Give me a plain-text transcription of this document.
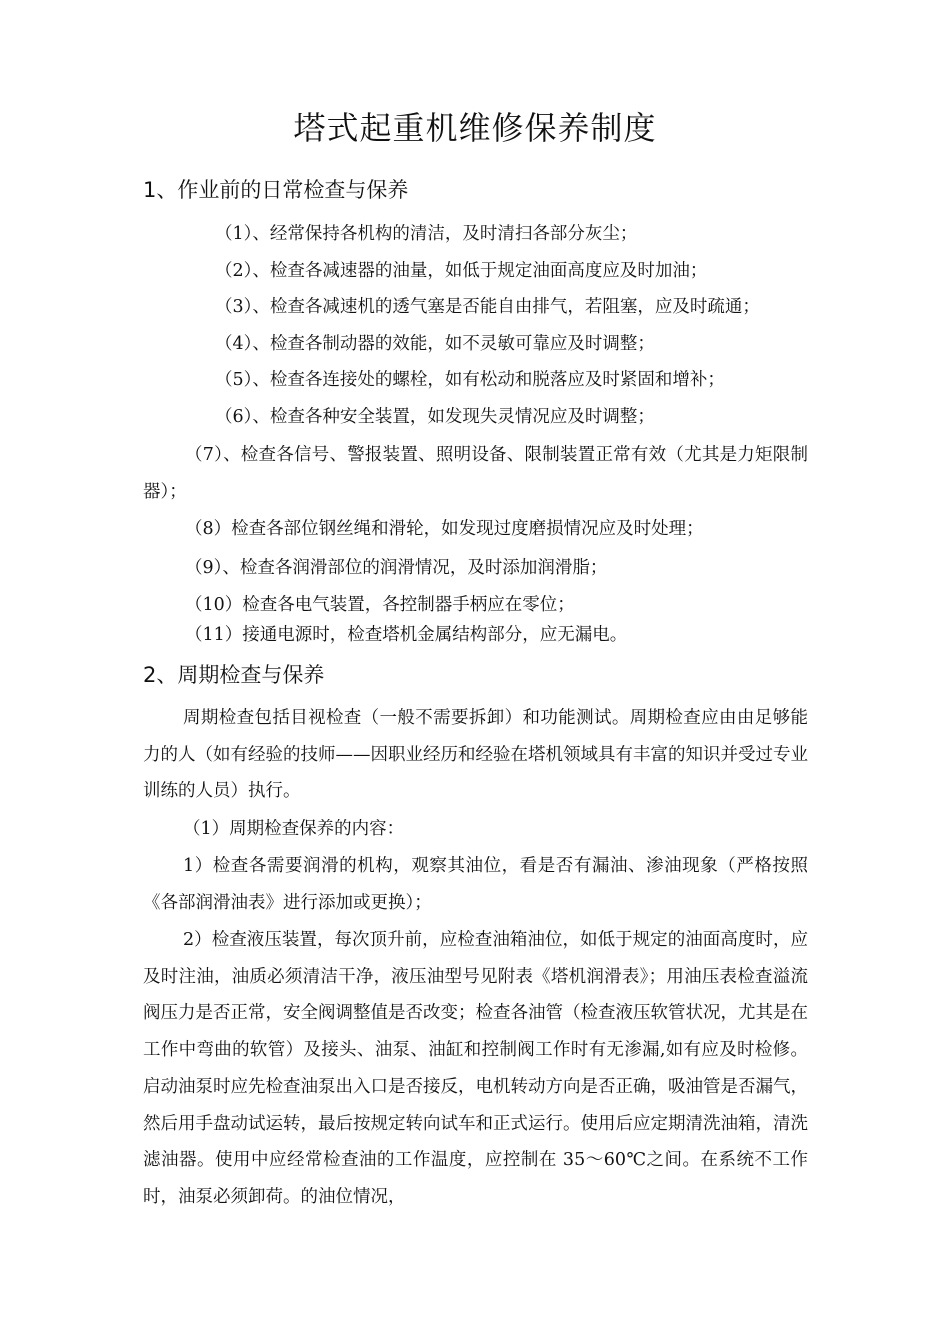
塔式起重机维修保养制度
1、作业前的日常检查与保养
（1）、经常保持各机构的清洁，及时清扫各部分灰尘；
（2）、检查各减速器的油量，如低于规定油面高度应及时加油；
（3）、检查各减速机的透气塞是否能自由排气，若阻塞，应及时疏通；
（4）、检查各制动器的效能，如不灵敏可靠应及时调整；
（5）、检查各连接处的螺栓，如有松动和脱落应及时紧固和增补；
（6）、检查各种安全装置，如发现失灵情况应及时调整；
（7）、检查各信号、警报装置、照明设备、限制装置正常有效（尤其是力矩限制器）；
（8）检查各部位钢丝绳和滑轮，如发现过度磨损情况应及时处理；
（9）、检查各润滑部位的润滑情况，及时添加润滑脂；
（10）检查各电气装置，各控制器手柄应在零位；
（11）接通电源时，检查塔机金属结构部分，应无漏电。
2、周期检查与保养
周期检查包括目视检查（一般不需要拆卸）和功能测试。周期检查应由由足够能力的人（如有经验的技师——因职业经历和经验在塔机领域具有丰富的知识并受过专业训练的人员）执行。
（1）周期检查保养的内容：
1）检查各需要润滑的机构，观察其油位，看是否有漏油、渗油现象（严格按照《各部润滑油表》进行添加或更换）；
2）检查液压装置，每次顶升前，应检查油箱油位，如低于规定的油面高度时，应及时注油，油质必须清洁干净，液压油型号见附表《塔机润滑表》；用油压表检查溢流阀压力是否正常，安全阀调整值是否改变；检查各油管（检查液压软管状况，尤其是在工作中弯曲的软管）及接头、油泵、油缸和控制阀工作时有无渗漏,如有应及时检修。启动油泵时应先检查油泵出入口是否接反，电机转动方向是否正确，吸油管是否漏气，然后用手盘动试运转，最后按规定转向试车和正式运行。使用后应定期清洗油箱，清洗滤油器。使用中应经常检查油的工作温度，应控制在 35～60℃之间。在系统不工作时，油泵必须卸荷。的油位情况，
